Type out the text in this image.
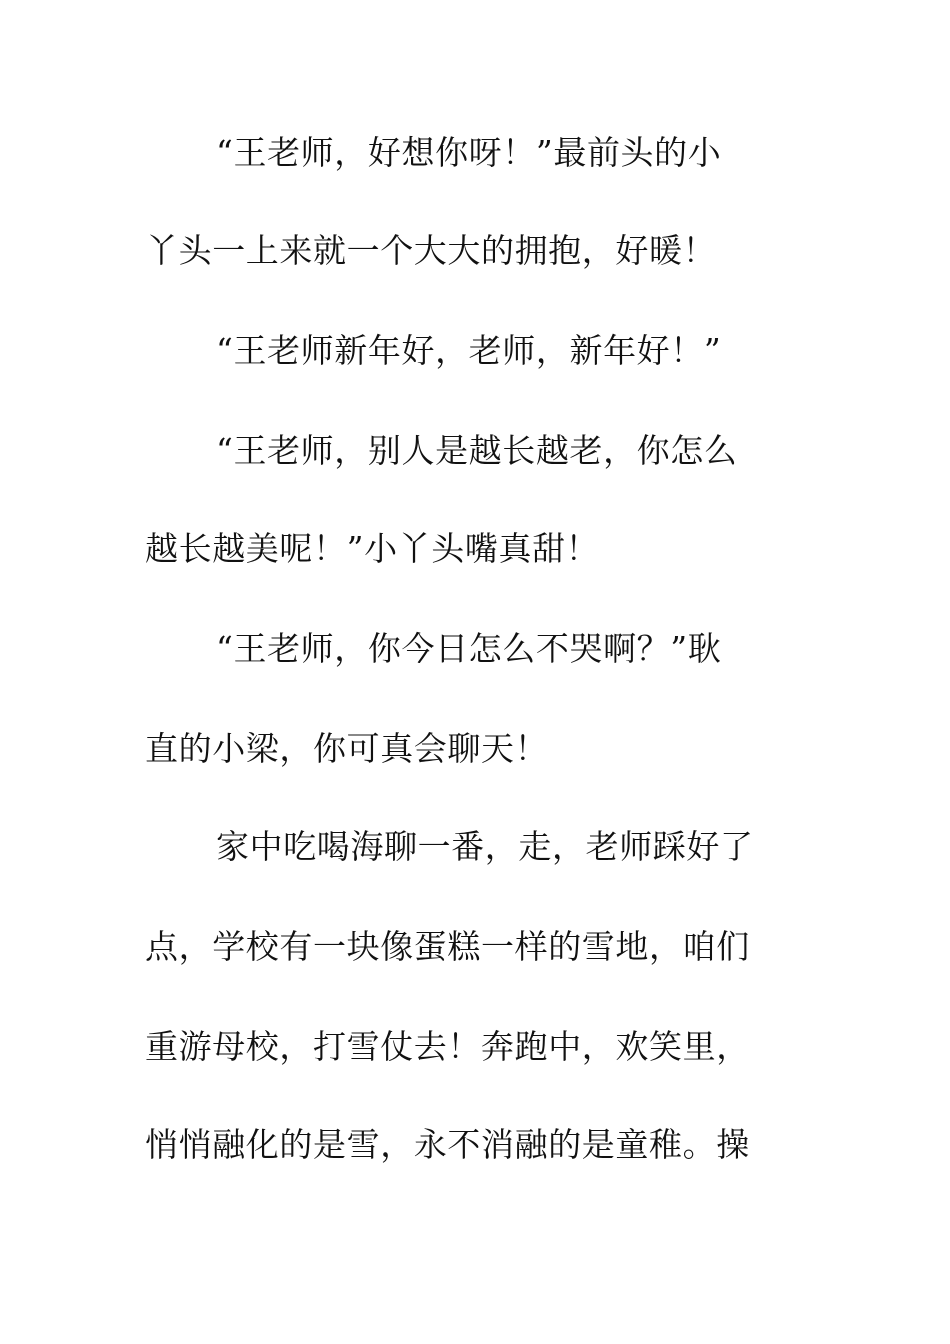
“王老师，好想你呀！”最前头的小
丫头一上来就一个大大的拥抱，好暖！
“王老师新年好，老师，新年好！”
“王老师，别人是越长越老，你怎么
越长越美呢！”小丫头嘴真甜！
“王老师，你今日怎么不哭啊？”耿
直的小梁，你可真会聊天！
家中吃喝海聊一番，走，老师踩好了
点，学校有一块像蛋糕一样的雪地，咱们
重游母校，打雪仗去！奔跑中，欢笑里，
悄悄融化的是雪，永不消融的是童稚。操
